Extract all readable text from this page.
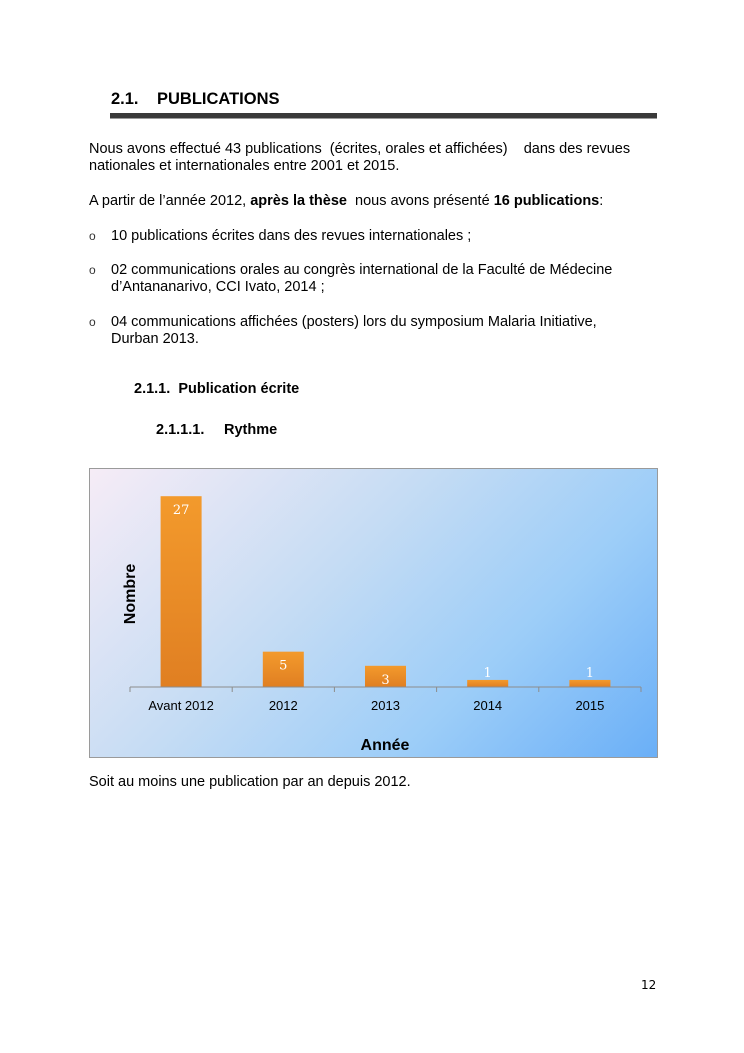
2.1. PUBLICATIONS
Nous avons effectué 43 publications  (écrites, orales et affichées)    dans des revues
nationales et internationales entre 2001 et 2015.
A partir de l’année 2012, après la thèse  nous avons présenté 16 publications:
o 10 publications écrites dans des revues internationales ;
o 02 communications orales au congrès international de la Faculté de Médecine
d’Antananarivo, CCI Ivato, 2014 ;
o 04 communications affichées (posters) lors du symposium Malaria Initiative,
Durban 2013.
2.1.1. Publication écrite
2.1.1.1. Rythme
27
Avant 2012
5
2012
3
2013
1
2014
1
2015
Année
Nombre
Soit au moins une publication par an depuis 2012.
12
